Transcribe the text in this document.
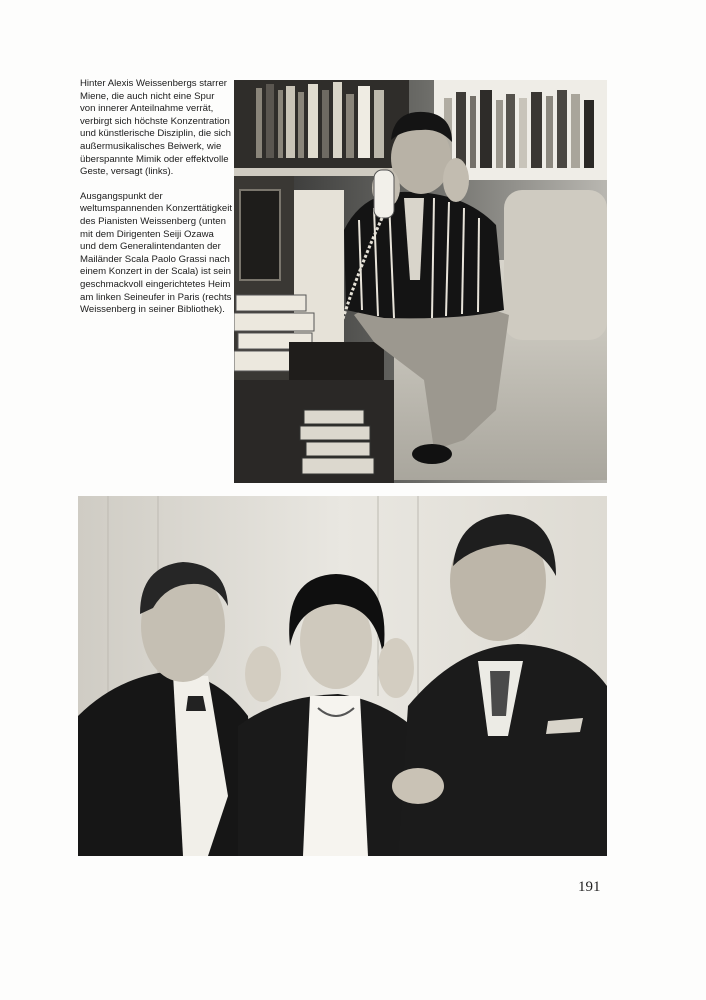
Hinter Alexis Weissenbergs starrer Miene, die auch nicht eine Spur von innerer Anteilnahme verrät, verbirgt sich höchste Konzentration und künstlerische Disziplin, die sich außermusikalisches Beiwerk, wie überspannte Mimik oder effektvolle Geste, versagt (links).

Ausgangspunkt der weltumspannenden Konzerttätigkeit des Pianisten Weissenberg (unten mit dem Dirigenten Seiji Ozawa und dem Generalintendanten der Mailänder Scala Paolo Grassi nach einem Konzert in der Scala) ist sein geschmackvoll eingerichtetes Heim am linken Seineufer in Paris (rechts Weissenberg in seiner Bibliothek).

191
